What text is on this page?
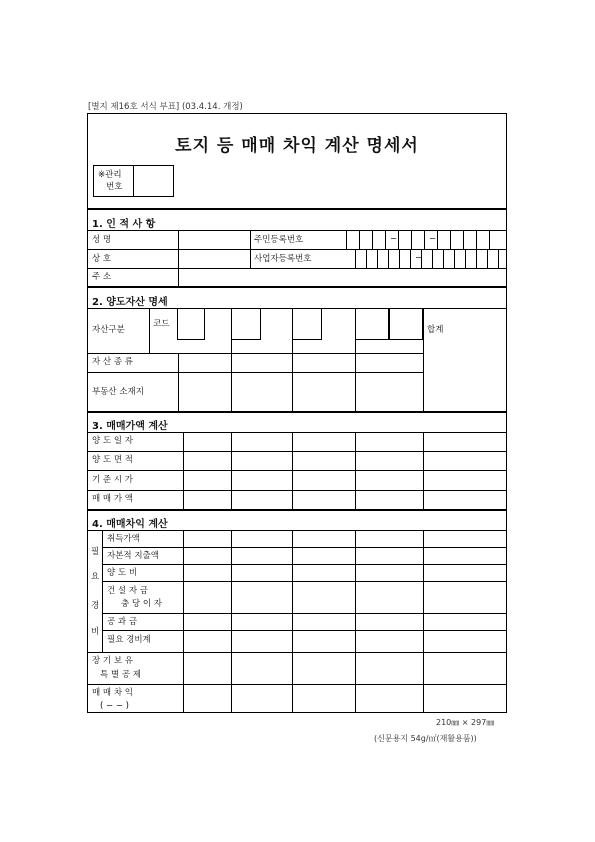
[별지 제16호 서식 부표] (03.4.14. 개정)
토지 등 매매 차익 계산 명세서
※관리
번호
1. 인 적 사 항
성 명
상 호
주 소
주민등록번호
사업자등록번호
−	−
−
2. 양도자산 명세
자산구분
코드
합계
자 산 종 류
부동산 소재지
3. 매매가액 계산
양 도 일 자
양 도 면 적
기 준 시 가
매 매 가 액
4. 매매차익 계산
필
요
경
비
취득가액
자본적 지출액
양 도 비
건 설 자 금
충 당 이 자
공 과 금
필요 경비계
장 기 보 유
특 별 공 제
매 매 차 익
( − − )
210㎜ × 297㎜
(신문용지 54g/㎡(재활용품))
